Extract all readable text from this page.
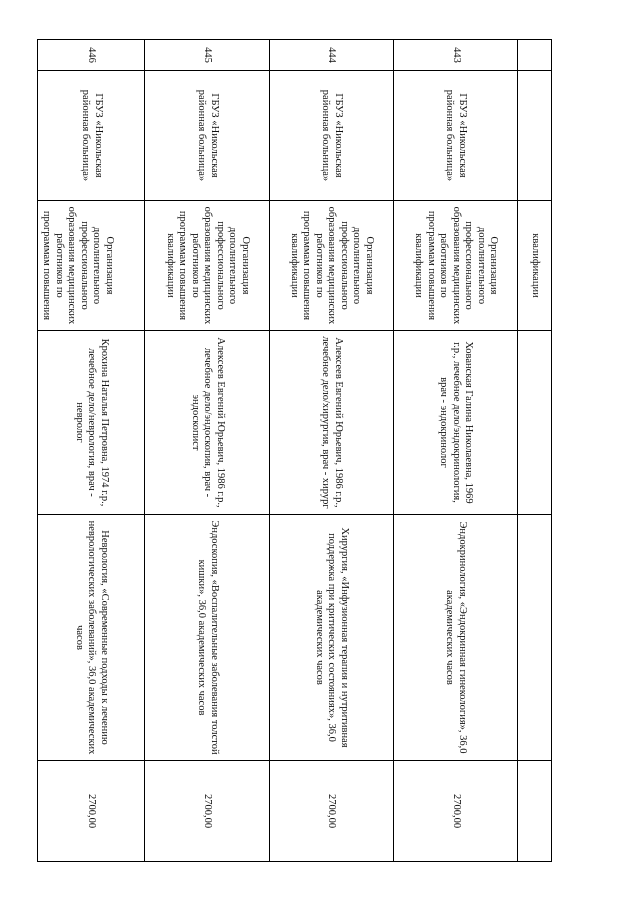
		квалификации			
443	ГБУЗ «Никольская районная больница»	Организация дополнительного профессионального образования медицинских работников по программам повышения квалификации	Хованская Галина Николаевна, 1969 г.р., лечебное дело/эндокринология, врач - эндокринолог	Эндокринология, «Эндокринная гинекология», 36,0 академических часов	2700,00
444	ГБУЗ «Никольская районная больница»	Организация дополнительного профессионального образования медицинских работников по программам повышения квалификации	Алексеев Евгений Юрьевич, 1986 г.р., лечебное дело/хирургия, врач - хирург	Хирургия, «Инфузионная терапия и нутритивная поддержка при критических состояниях», 36,0 академических часов	2700,00
445	ГБУЗ «Никольская районная больница»	Организация дополнительного профессионального образования медицинских работников по программам повышения квалификации	Алексеев Евгений Юрьевич, 1986 г.р., лечебное дело/эндоскопия, врач - эндоскопист	Эндоскопия, «Воспалительные заболевания толстой кишки», 36,0 академических часов	2700,00
446	ГБУЗ «Никольская районная больница»	Организация дополнительного профессионального образования медицинских работников по программам повышения	Крохина Наталья Петровна, 1974 г.р., лечебное дело/неврология, врач - невролог	Неврология, «Современные подходы к лечению неврологических заболеваний», 36,0 академических часов	2700,00
